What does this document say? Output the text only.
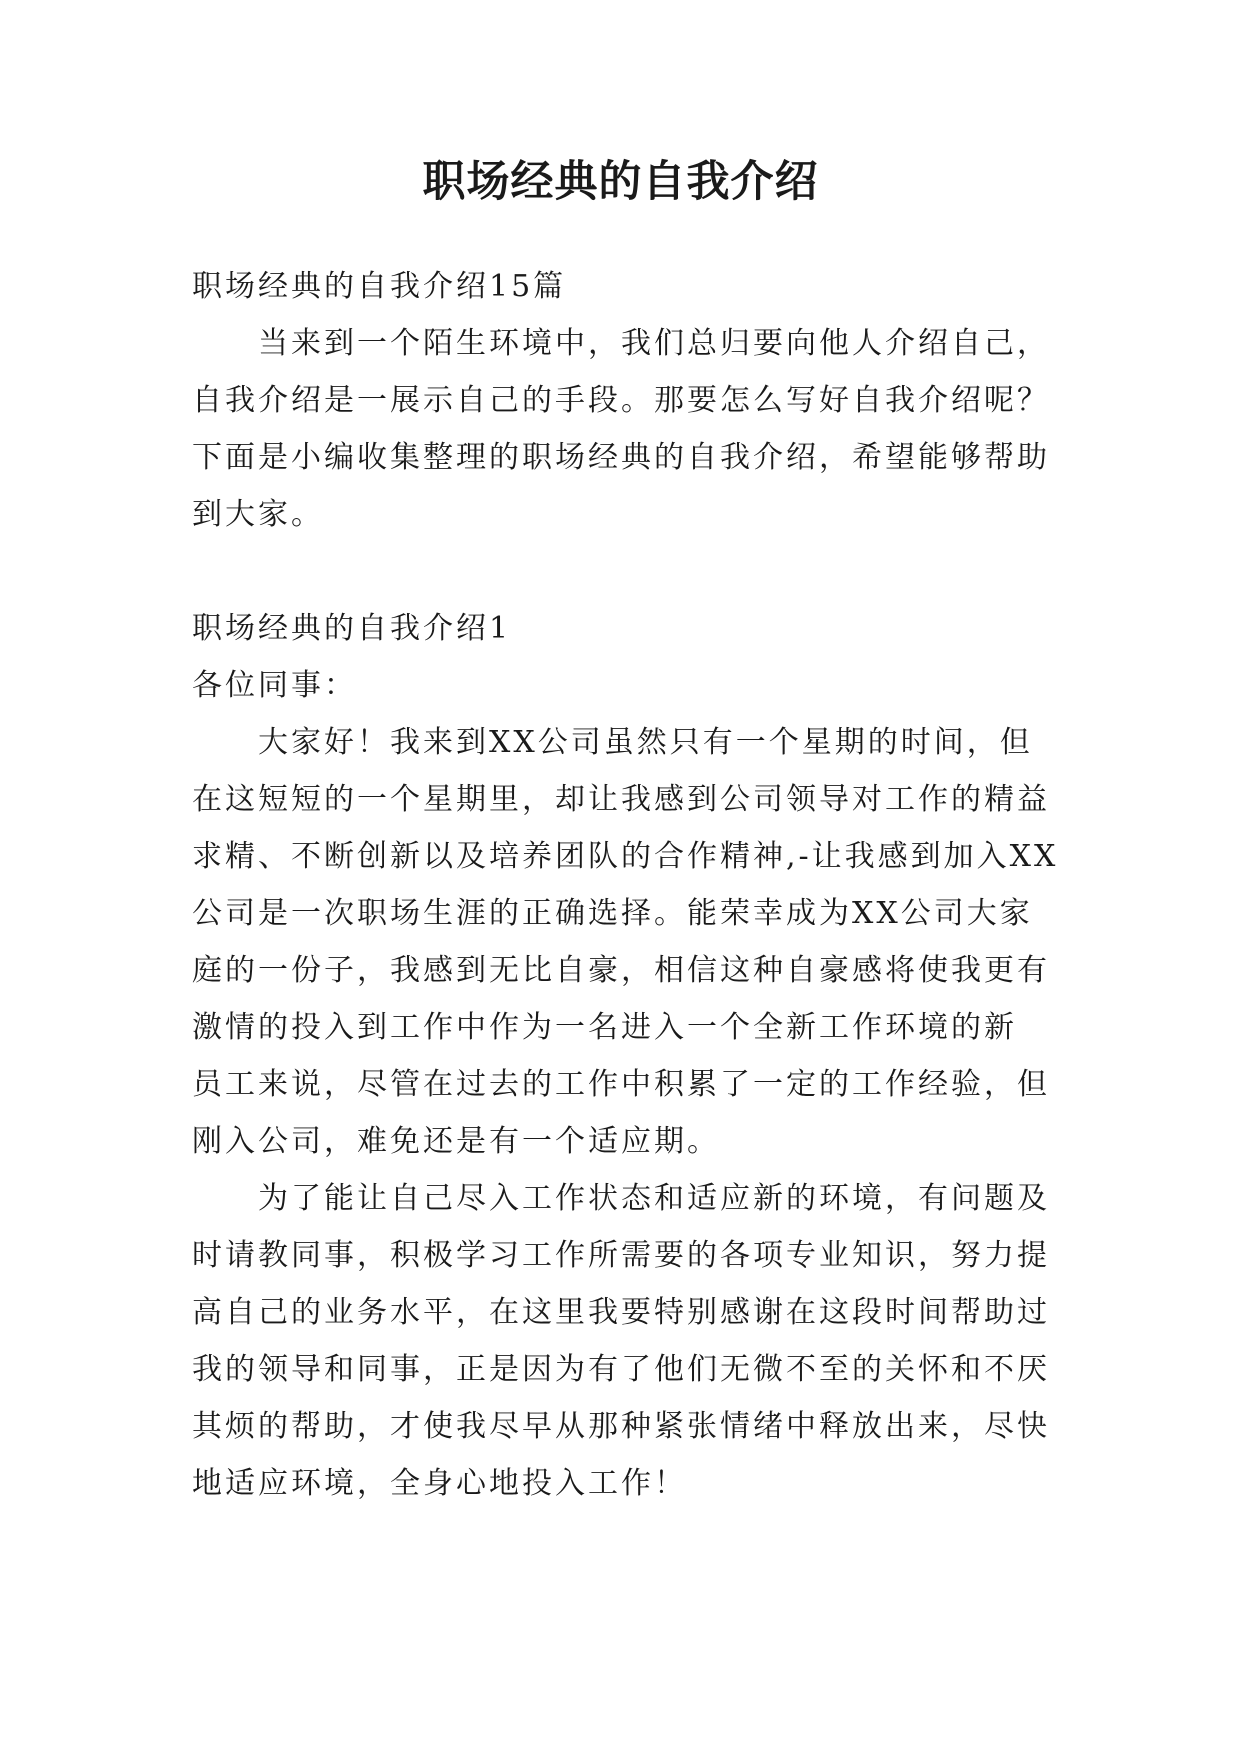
职场经典的自我介绍
职场经典的自我介绍15篇
当来到一个陌生环境中，我们总归要向他人介绍自己，
自我介绍是一展示自己的手段。那要怎么写好自我介绍呢？
下面是小编收集整理的职场经典的自我介绍，希望能够帮助
到大家。
职场经典的自我介绍1
各位同事：
大家好！我来到XX公司虽然只有一个星期的时间，但
在这短短的一个星期里，却让我感到公司领导对工作的精益
求精、不断创新以及培养团队的合作精神,-让我感到加入XX
公司是一次职场生涯的正确选择。能荣幸成为XX公司大家
庭的一份子，我感到无比自豪，相信这种自豪感将使我更有
激情的投入到工作中作为一名进入一个全新工作环境的新
员工来说，尽管在过去的工作中积累了一定的工作经验，但
刚入公司，难免还是有一个适应期。
为了能让自己尽入工作状态和适应新的环境，有问题及
时请教同事，积极学习工作所需要的各项专业知识，努力提
高自己的业务水平，在这里我要特别感谢在这段时间帮助过
我的领导和同事，正是因为有了他们无微不至的关怀和不厌
其烦的帮助，才使我尽早从那种紧张情绪中释放出来，尽快
地适应环境，全身心地投入工作！
